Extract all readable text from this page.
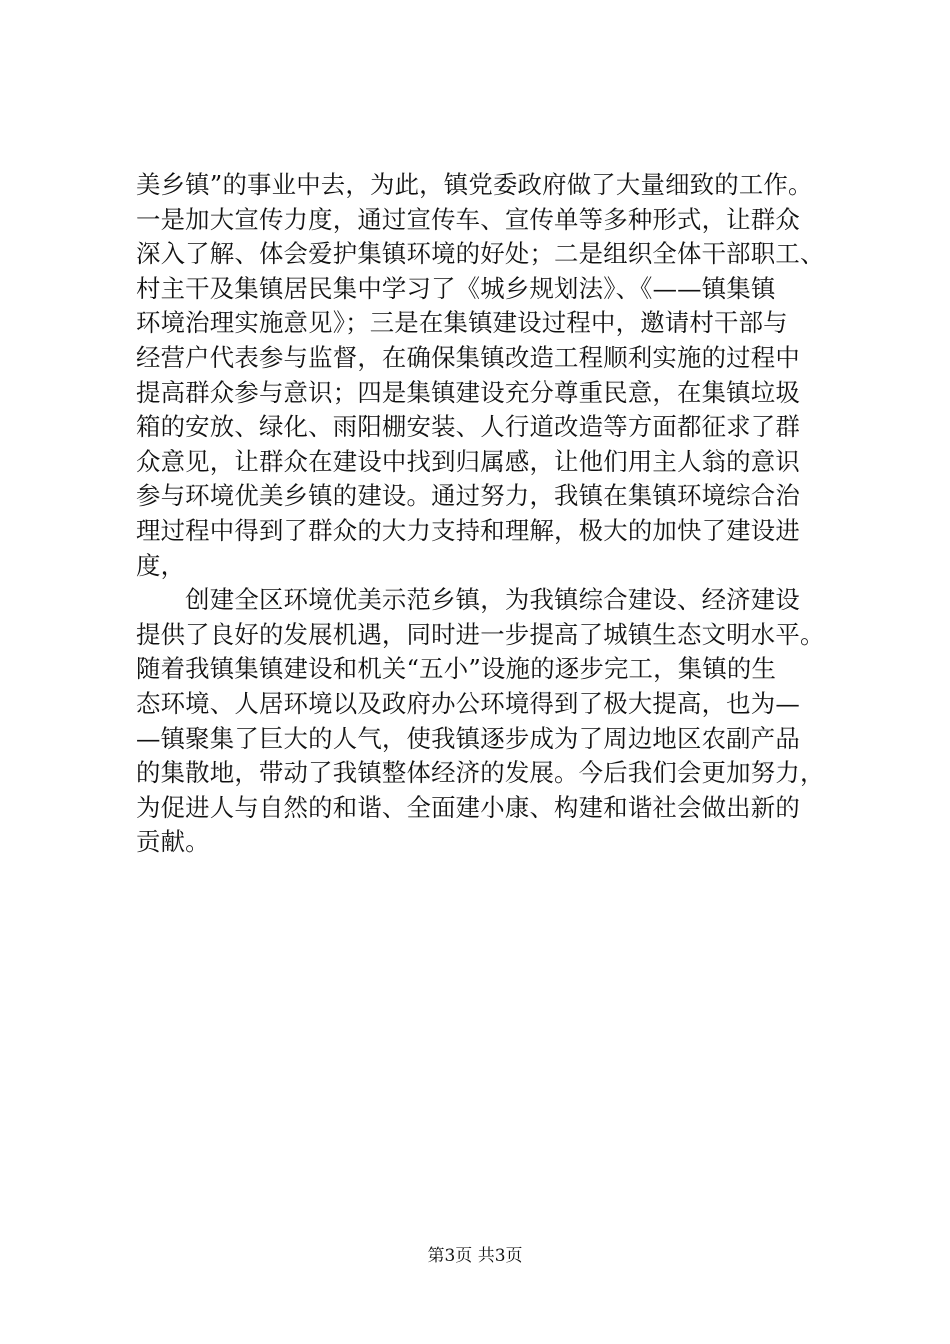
美乡镇”的事业中去，为此，镇党委政府做了大量细致的工作。
一是加大宣传力度，通过宣传车、宣传单等多种形式，让群众
深入了解、体会爱护集镇环境的好处；二是组织全体干部职工、
村主干及集镇居民集中学习了《城乡规划法》、《——镇集镇
环境治理实施意见》；三是在集镇建设过程中，邀请村干部与
经营户代表参与监督，在确保集镇改造工程顺利实施的过程中
提高群众参与意识；四是集镇建设充分尊重民意，在集镇垃圾
箱的安放、绿化、雨阳棚安装、人行道改造等方面都征求了群
众意见，让群众在建设中找到归属感，让他们用主人翁的意识
参与环境优美乡镇的建设。通过努力，我镇在集镇环境综合治
理过程中得到了群众的大力支持和理解，极大的加快了建设进
度，
　　创建全区环境优美示范乡镇，为我镇综合建设、经济建设
提供了良好的发展机遇，同时进一步提高了城镇生态文明水平。
随着我镇集镇建设和机关“五小”设施的逐步完工，集镇的生
态环境、人居环境以及政府办公环境得到了极大提高，也为—
—镇聚集了巨大的人气，使我镇逐步成为了周边地区农副产品
的集散地，带动了我镇整体经济的发展。今后我们会更加努力，
为促进人与自然的和谐、全面建小康、构建和谐社会做出新的
贡献。
第3页 共3页
